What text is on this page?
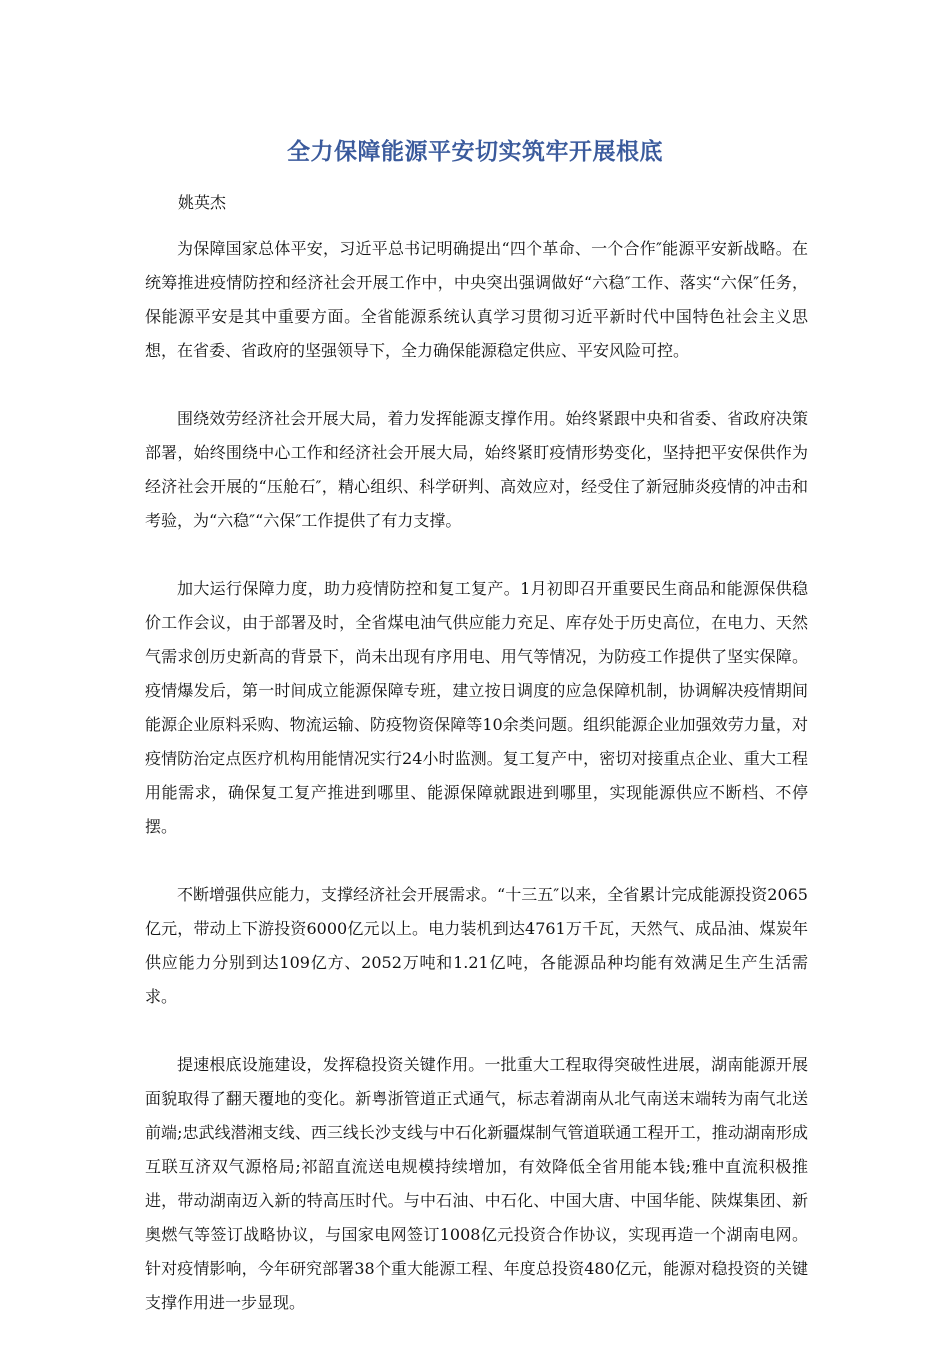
全力保障能源平安切实筑牢开展根底
姚英杰

为保障国家总体平安，习近平总书记明确提出“四个革命、一个合作″能源平安新战略。在统筹推进疫情防控和经济社会开展工作中，中央突出强调做好“六稳″工作、落实“六保″任务，保能源平安是其中重要方面。全省能源系统认真学习贯彻习近平新时代中国特色社会主义思想，在省委、省政府的坚强领导下，全力确保能源稳定供应、平安风险可控。

围绕效劳经济社会开展大局，着力发挥能源支撑作用。始终紧跟中央和省委、省政府决策部署，始终围绕中心工作和经济社会开展大局，始终紧盯疫情形势变化，坚持把平安保供作为经济社会开展的“压舱石″，精心组织、科学研判、高效应对，经受住了新冠肺炎疫情的冲击和考验，为“六稳″“六保″工作提供了有力支撑。

加大运行保障力度，助力疫情防控和复工复产。1月初即召开重要民生商品和能源保供稳价工作会议，由于部署及时，全省煤电油气供应能力充足、库存处于历史高位，在电力、天然气需求创历史新高的背景下，尚未出现有序用电、用气等情况，为防疫工作提供了坚实保障。疫情爆发后，第一时间成立能源保障专班，建立按日调度的应急保障机制，协调解决疫情期间能源企业原料采购、物流运输、防疫物资保障等10余类问题。组织能源企业加强效劳力量，对疫情防治定点医疗机构用能情况实行24小时监测。复工复产中，密切对接重点企业、重大工程用能需求，确保复工复产推进到哪里、能源保障就跟进到哪里，实现能源供应不断档、不停摆。

不断增强供应能力，支撑经济社会开展需求。“十三五″以来，全省累计完成能源投资2065亿元，带动上下游投资6000亿元以上。电力装机到达4761万千瓦，天然气、成品油、煤炭年供应能力分别到达109亿方、2052万吨和1.21亿吨，各能源品种均能有效满足生产生活需求。

提速根底设施建设，发挥稳投资关键作用。一批重大工程取得突破性进展，湖南能源开展面貌取得了翻天覆地的变化。新粤浙管道正式通气，标志着湖南从北气南送末端转为南气北送前端;忠武线潜湘支线、西三线长沙支线与中石化新疆煤制气管道联通工程开工，推动湖南形成互联互济双气源格局;祁韶直流送电规模持续增加，有效降低全省用能本钱;雅中直流积极推进，带动湖南迈入新的特高压时代。与中石油、中石化、中国大唐、中国华能、陕煤集团、新奥燃气等签订战略协议，与国家电网签订1008亿元投资合作协议，实现再造一个湖南电网。针对疫情影响，今年研究部署38个重大能源工程、年度总投资480亿元，能源对稳投资的关键支撑作用进一步显现。
